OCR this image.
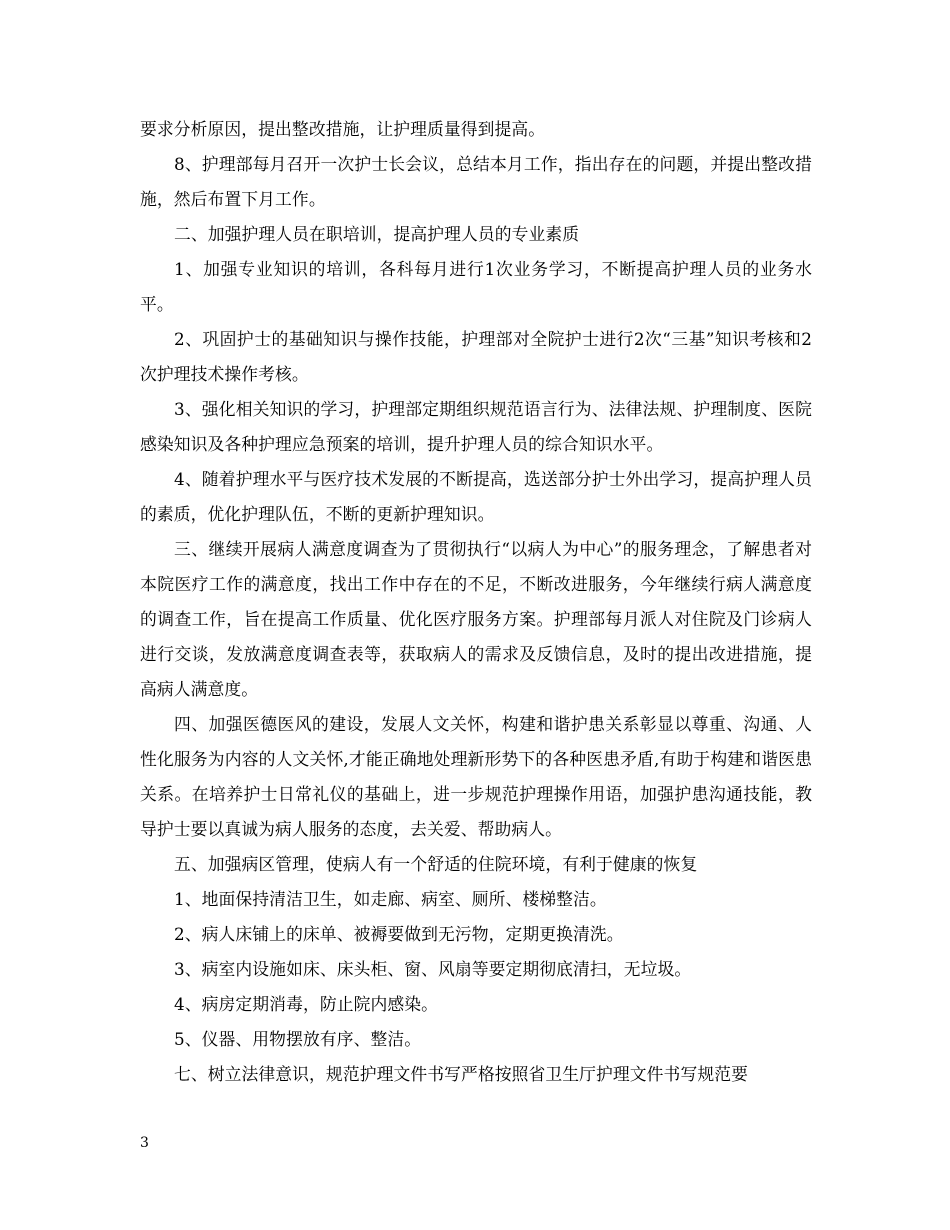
要求分析原因，提出整改措施，让护理质量得到提高。

8、护理部每月召开一次护士长会议，总结本月工作，指出存在的问题，并提出整改措施，然后布置下月工作。

二、加强护理人员在职培训，提高护理人员的专业素质

1、加强专业知识的培训，各科每月进行1次业务学习，不断提高护理人员的业务水平。

2、巩固护士的基础知识与操作技能，护理部对全院护士进行2次“三基”知识考核和2次护理技术操作考核。

3、强化相关知识的学习，护理部定期组织规范语言行为、法律法规、护理制度、医院感染知识及各种护理应急预案的培训，提升护理人员的综合知识水平。

4、随着护理水平与医疗技术发展的不断提高，选送部分护士外出学习，提高护理人员的素质，优化护理队伍，不断的更新护理知识。

三、继续开展病人满意度调查为了贯彻执行“以病人为中心”的服务理念，了解患者对本院医疗工作的满意度，找出工作中存在的不足，不断改进服务，今年继续行病人满意度的调查工作，旨在提高工作质量、优化医疗服务方案。护理部每月派人对住院及门诊病人进行交谈，发放满意度调查表等，获取病人的需求及反馈信息，及时的提出改进措施，提高病人满意度。

四、加强医德医风的建设，发展人文关怀，构建和谐护患关系彰显以尊重、沟通、人性化服务为内容的人文关怀,才能正确地处理新形势下的各种医患矛盾,有助于构建和谐医患关系。在培养护士日常礼仪的基础上，进一步规范护理操作用语，加强护患沟通技能，教导护士要以真诚为病人服务的态度，去关爱、帮助病人。

五、加强病区管理，使病人有一个舒适的住院环境，有利于健康的恢复

1、地面保持清洁卫生，如走廊、病室、厕所、楼梯整洁。

2、病人床铺上的床单、被褥要做到无污物，定期更换清洗。

3、病室内设施如床、床头柜、窗、风扇等要定期彻底清扫，无垃圾。

4、病房定期消毒，防止院内感染。

5、仪器、用物摆放有序、整洁。

七、树立法律意识，规范护理文件书写严格按照省卫生厅护理文件书写规范要

3
